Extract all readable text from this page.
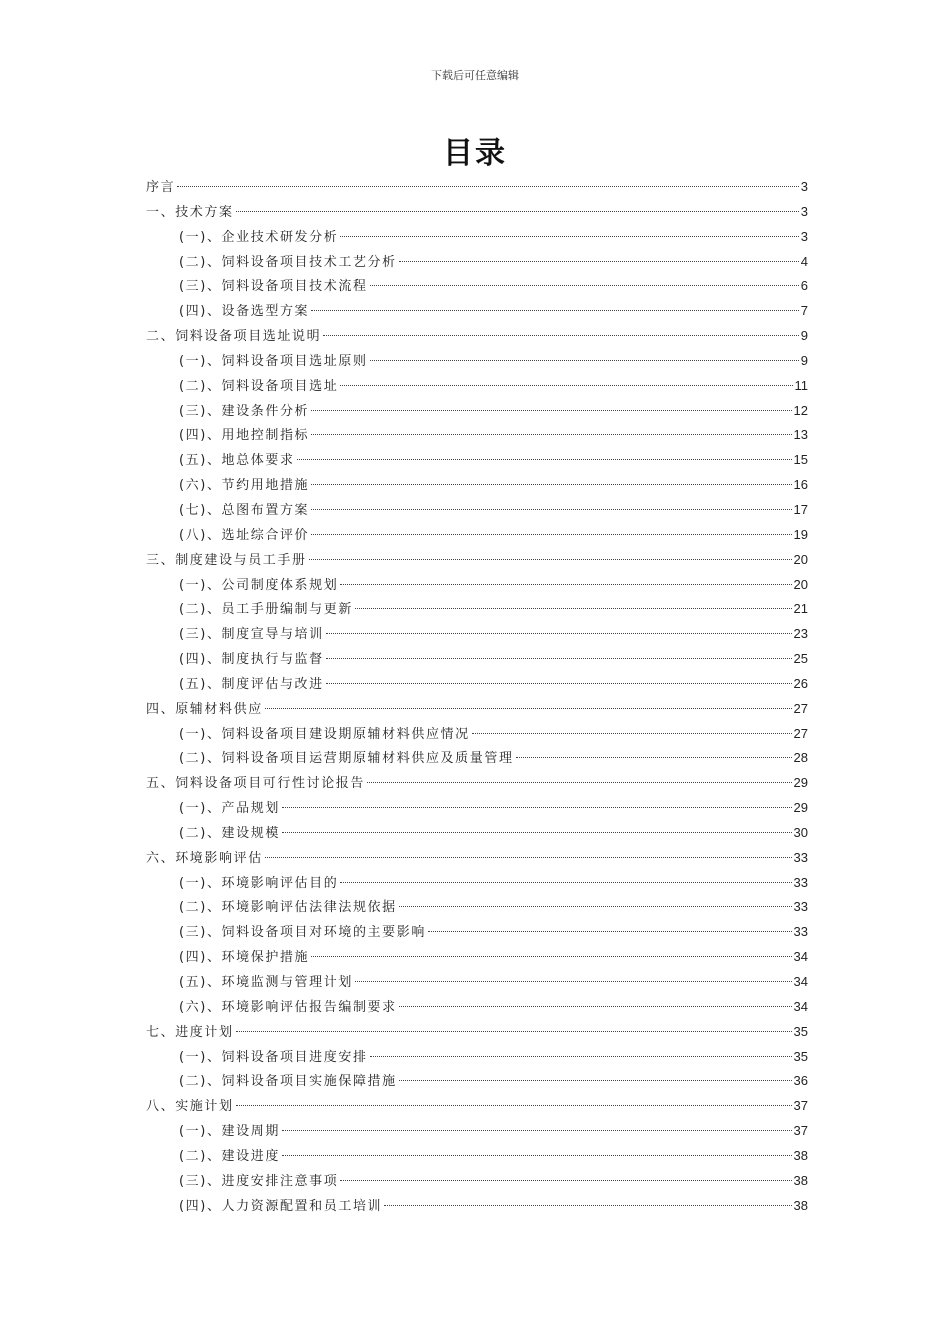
下载后可任意编辑
目录
序言	3
一、技术方案	3
(一)、企业技术研发分析	3
(二)、饲料设备项目技术工艺分析	4
(三)、饲料设备项目技术流程	6
(四)、设备选型方案	7
二、饲料设备项目选址说明	9
(一)、饲料设备项目选址原则	9
(二)、饲料设备项目选址	11
(三)、建设条件分析	12
(四)、用地控制指标	13
(五)、地总体要求	15
(六)、节约用地措施	16
(七)、总图布置方案	17
(八)、选址综合评价	19
三、制度建设与员工手册	20
(一)、公司制度体系规划	20
(二)、员工手册编制与更新	21
(三)、制度宣导与培训	23
(四)、制度执行与监督	25
(五)、制度评估与改进	26
四、原辅材料供应	27
(一)、饲料设备项目建设期原辅材料供应情况	27
(二)、饲料设备项目运营期原辅材料供应及质量管理	28
五、饲料设备项目可行性讨论报告	29
(一)、产品规划	29
(二)、建设规模	30
六、环境影响评估	33
(一)、环境影响评估目的	33
(二)、环境影响评估法律法规依据	33
(三)、饲料设备项目对环境的主要影响	33
(四)、环境保护措施	34
(五)、环境监测与管理计划	34
(六)、环境影响评估报告编制要求	34
七、进度计划	35
(一)、饲料设备项目进度安排	35
(二)、饲料设备项目实施保障措施	36
八、实施计划	37
(一)、建设周期	37
(二)、建设进度	38
(三)、进度安排注意事项	38
(四)、人力资源配置和员工培训	38
